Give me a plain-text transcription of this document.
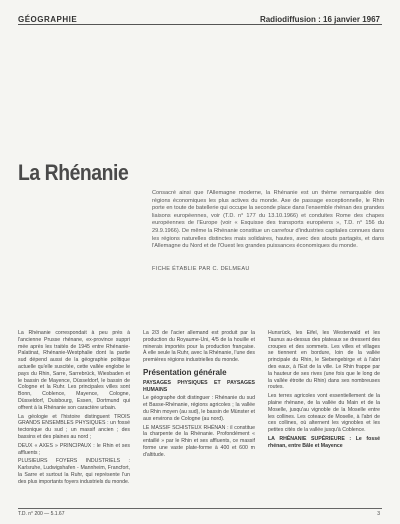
GÉOGRAPHIE	Radiodiffusion : 16 janvier 1967
La Rhénanie
Consacré ainsi que l'Allemagne moderne, la Rhénanie est un thème remarquable des régions économiques les plus actives du monde. Axe de passage exceptionnelle, le Rhin porte en toute de batellerie qui occupe la seconde place dans l'ensemble rhénan des grandes liaisons européennes, voir (T.D. n° 177 du 13.10.1966) et conduites Rome des chapes européennes de l'Europe (voir « Esquisse des transports européens », T.D. n° 156 du 29.9.1966). De même la Rhénanie constitue un carrefour d'industries capitales connues dans les régions naturelles distinctes mais solidaires, hautes, avec des atouts partagés, et dans l'Allemagne du Nord et de l'Ouest les grandes puissances économiques du monde.
FICHE ÉTABLIE PAR C. DELMEAU

La Rhénanie correspondait à peu près à l'ancienne Prusse rhénane, ex-province suppri mée après les traités de 1945 entre Rhénanie-Palatinat, Rhénanie-Westphalie dont la partie sud dépend aussi de la géographie politique actuelle qu'elle suscitée, cette vallée englobe le pays du Rhin, Sarre, Sarrebrück, Wiesbaden et le bassin de Mayence, Düsseldorf, le bassin de Cologne et la Ruhr. Les principales villes sont Bonn, Coblence, Mayence, Cologne, Düsseldorf, Duisbourg, Essen, Dortmund qui offrent à la Rhénanie son caractère urbain.

La géologie et l'histoire distinguent TROIS GRANDS ENSEMBLES PHYSIQUES : un fossé tectonique du sud ; un massif ancien ; des bassins et des plaines au nord ;

DEUX « AXES » PRINCIPAUX : le Rhin et ses affluents ;

PLUSIEURS FOYERS INDUSTRIELS : Karlsruhe, Ludwigshafen - Mannheim, Francfort, la Sarre et surtout la Ruhr, qui représente l'un des plus importants foyers industriels du monde.

La 2/3 de l'acier allemand est produit par la production du Royaume-Uni, 4/5 de la houille et minerais importés pour la production française. À elle seule la Ruhr, avec la Rhénanie, l'une des premières régions industrielles du monde.

Présentation générale

PAYSAGES PHYSIQUES ET PAYSAGES HUMAINS

Le géographe doit distinguer : Rhénanie du sud et Basse-Rhénanie, régions agricoles ; la vallée du Rhin moyen (au sud), le bassin de Münster et aux environs de Cologne (au nord).

LE MASSIF SCHISTEUX RHÉNAN : il constitue la charpente de la Rhénanie. Profondément « entaillé » par le Rhin et ses affluents, ce massif forme une vaste plate-forme à 400 et 600 m d'altitude.

Hunsrück, les Eifel, les Westerwald et les Taunus au-dessus des plateaux se dressent des croupes et des sommets. Les villes et villages se tiennent en bordure, loin de la vallée principale du Rhin, le Siebengebirge et à l'abri des eaux, à l'Est de la ville. Le Rhin frappe par la hauteur de ses rives (une fois que le long de la vallée étroite du Rhin) dans ses nombreuses routes.

Les terres agricoles vont essentiellement de la plaine rhénane, de la vallée du Main et de la Moselle, jusqu'au vignoble de la Moselle entre les collines. Les coteaux de Moselle, à l'abri de ces collines, où alternent les vignobles et les petites cités de la vallée jusqu'à Coblence.

LA RHÉNANIE SUPÉRIEURE : Le fossé rhénan, entre Bâle et Mayence

T.D. n° 200 — 5.1.67	3
